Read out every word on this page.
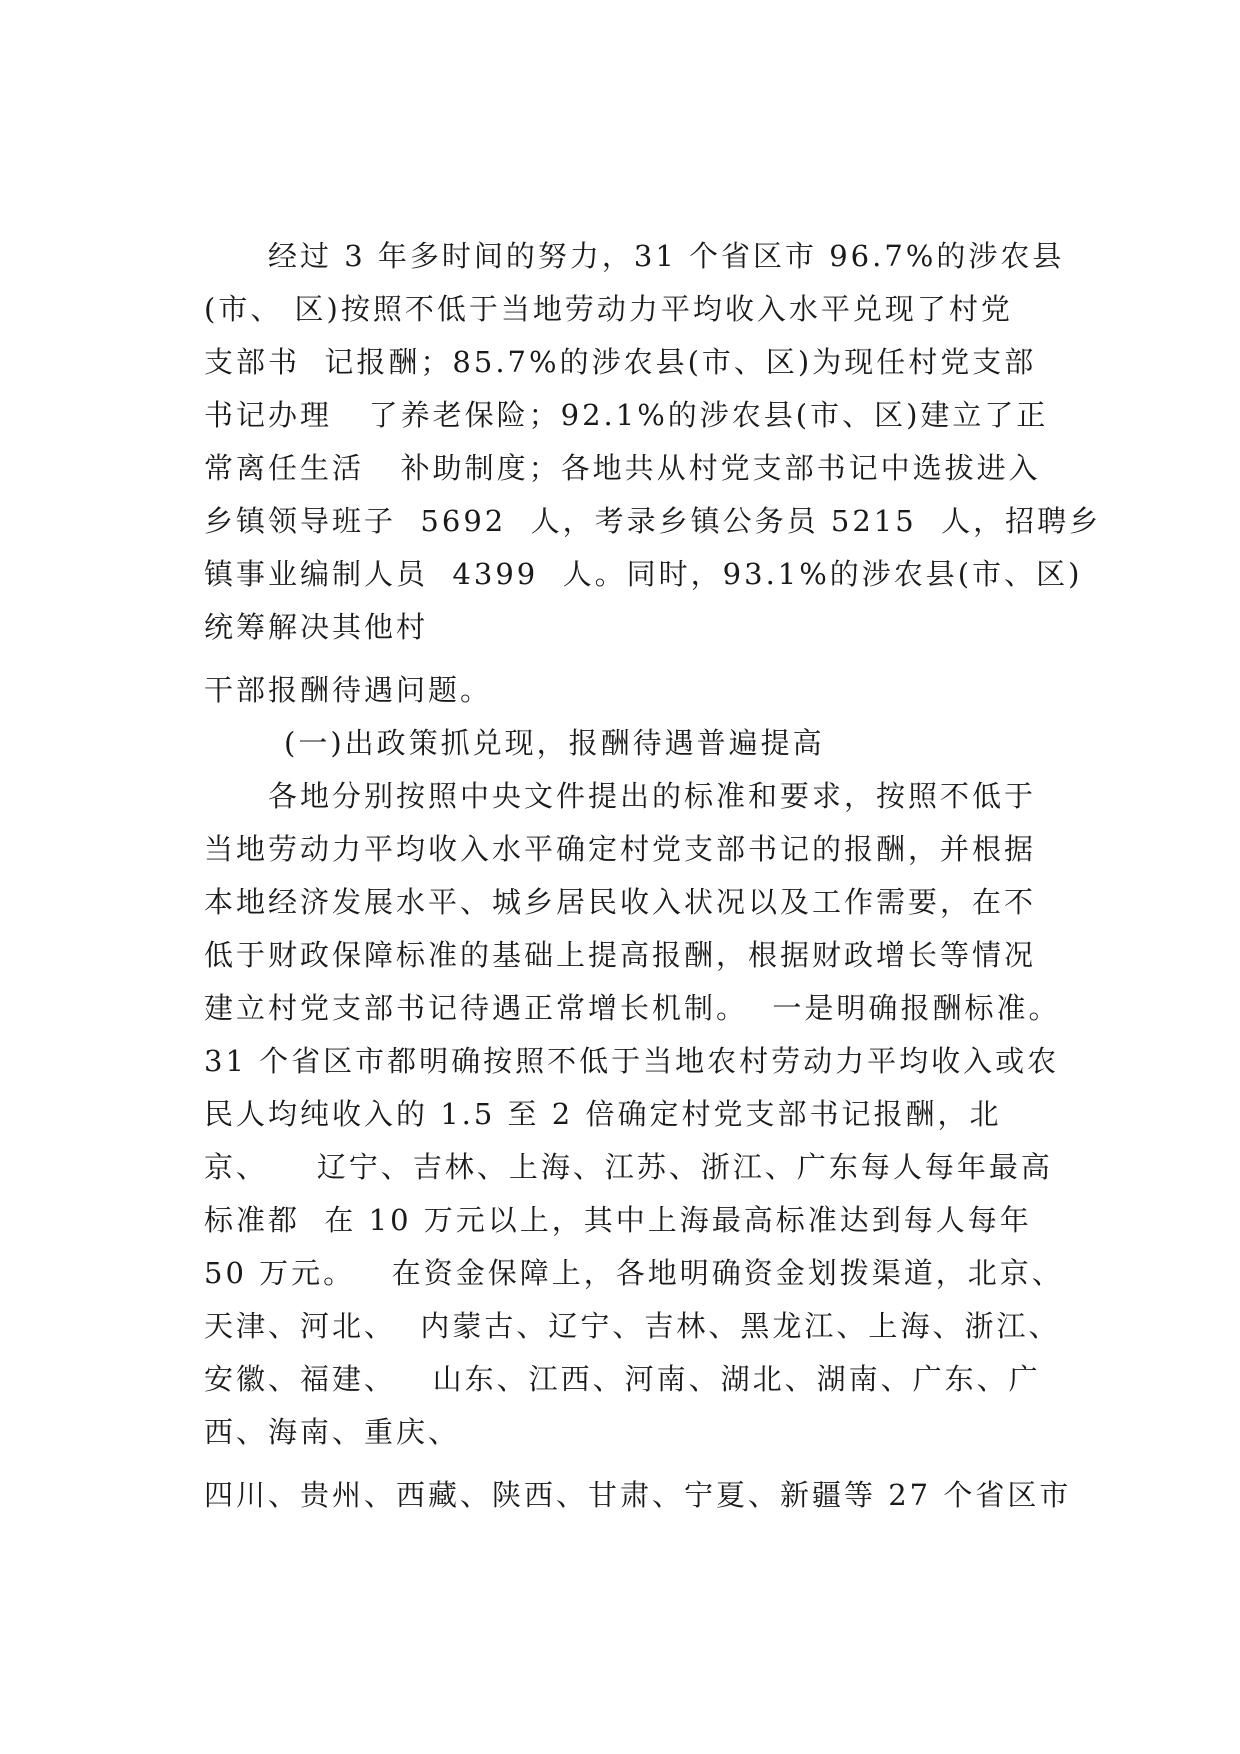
经过 3 年多时间的努力，31 个省区市 96.7%的涉农县
(市、 区)按照不低于当地劳动力平均收入水平兑现了村党
支部书  记报酬；85.7%的涉农县(市、区)为现任村党支部
书记办理   了养老保险；92.1%的涉农县(市、区)建立了正
常离任生活   补助制度；各地共从村党支部书记中选拔进入
乡镇领导班子  5692  人，考录乡镇公务员 5215  人，招聘乡
镇事业编制人员  4399  人。同时，93.1%的涉农县(市、区)
统筹解决其他村
干部报酬待遇问题。
(一)出政策抓兑现，报酬待遇普遍提高
各地分别按照中央文件提出的标准和要求，按照不低于
当地劳动力平均收入水平确定村党支部书记的报酬，并根据
本地经济发展水平、城乡居民收入状况以及工作需要，在不
低于财政保障标准的基础上提高报酬，根据财政增长等情况
建立村党支部书记待遇正常增长机制。  一是明确报酬标准。
31 个省区市都明确按照不低于当地农村劳动力平均收入或农
民人均纯收入的 1.5 至 2 倍确定村党支部书记报酬，北
京、    辽宁、吉林、上海、江苏、浙江、广东每人每年最高
标准都  在 10 万元以上，其中上海最高标准达到每人每年
50 万元。   在资金保障上，各地明确资金划拨渠道，北京、
天津、河北、  内蒙古、辽宁、吉林、黑龙江、上海、浙江、
安徽、福建、   山东、江西、河南、湖北、湖南、广东、广
西、海南、重庆、
四川、贵州、西藏、陕西、甘肃、宁夏、新疆等 27 个省区市
